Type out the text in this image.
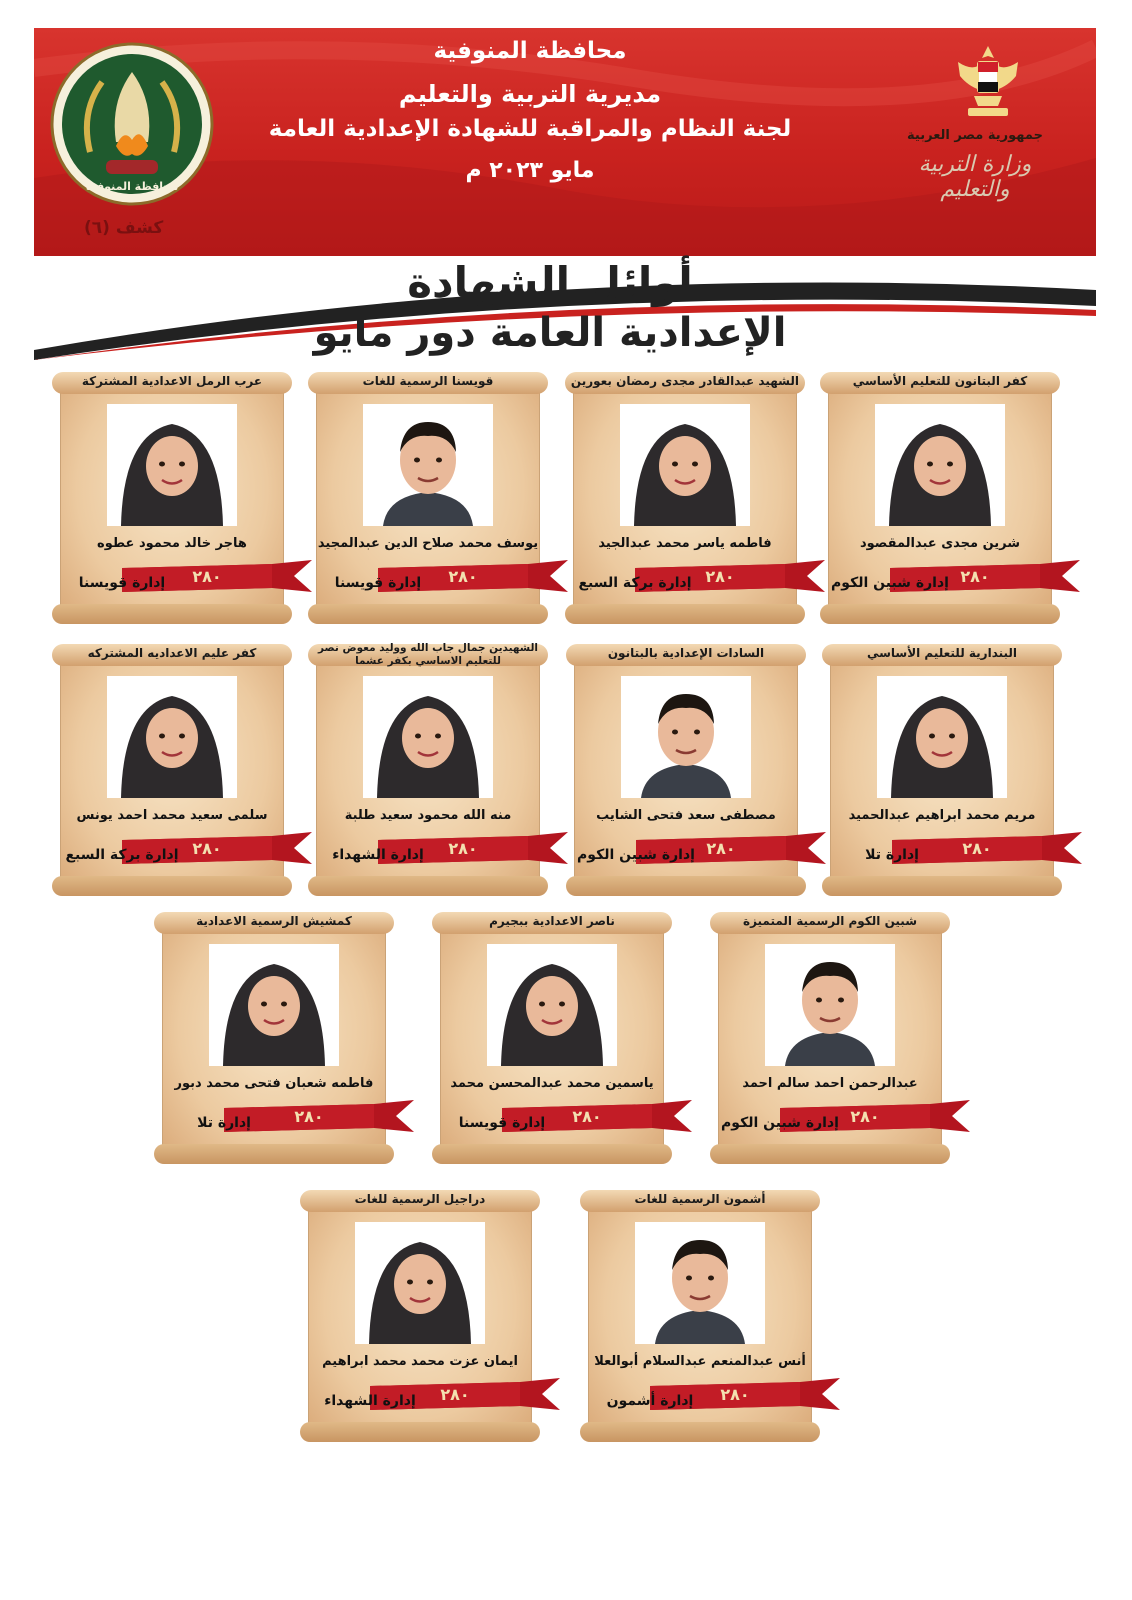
محافظة المنوفية
مديرية التربية والتعليم
لجنة النظام والمراقبة للشهادة الإعدادية العامة
مايو ٢٠٢٣ م
جمهورية مصر العربية
وزارة التربية والتعليم
محافظة المنوفية
كشف (٦)
أوائل الشهادة
الإعدادية العامة دور مايو
كفر البتانون للتعليم الأساسي
شرين مجدى عبدالمقصود
٢٨٠
إدارة شبين الكوم
الشهيد عبدالقادر مجدى رمضان بعورين
فاطمه ياسر محمد عبدالجيد
٢٨٠
إدارة بركة السبع
قويسنا الرسمية للغات
يوسف محمد صلاح الدين عبدالمجيد
٢٨٠
إدارة قويسنا
عرب الرمل الاعدادية المشتركة
هاجر خالد محمود عطوه
٢٨٠
إدارة قويسنا
البندارية للتعليم الأساسي
مريم محمد ابراهيم عبدالحميد
٢٨٠
إدارة تلا
السادات الإعدادية بالبتانون
مصطفى سعد فتحى الشايب
٢٨٠
إدارة شبين الكوم
الشهيدين جمال جاب الله ووليد معوض نصر للتعليم الاساسي بكفر عشما
منه الله محمود سعيد طلبة
٢٨٠
إدارة الشهداء
كفر عليم الاعداديه المشتركه
سلمى سعيد محمد احمد يونس
٢٨٠
إدارة بركة السبع
شبين الكوم الرسمية المتميزة
عبدالرحمن احمد سالم احمد
٢٨٠
إدارة شبين الكوم
ناصر الاعدادية ببجيرم
ياسمين محمد عبدالمحسن محمد
٢٨٠
إدارة قويسنا
كمشيش الرسمية الاعدادية
فاطمه شعبان فتحى محمد دبور
٢٨٠
إدارة تلا
أشمون الرسمية للغات
أنس عبدالمنعم عبدالسلام أبوالعلا
٢٨٠
إدارة أشمون
دراجيل الرسمية للغات
ايمان عزت محمد محمد ابراهيم
٢٨٠
إدارة الشهداء
